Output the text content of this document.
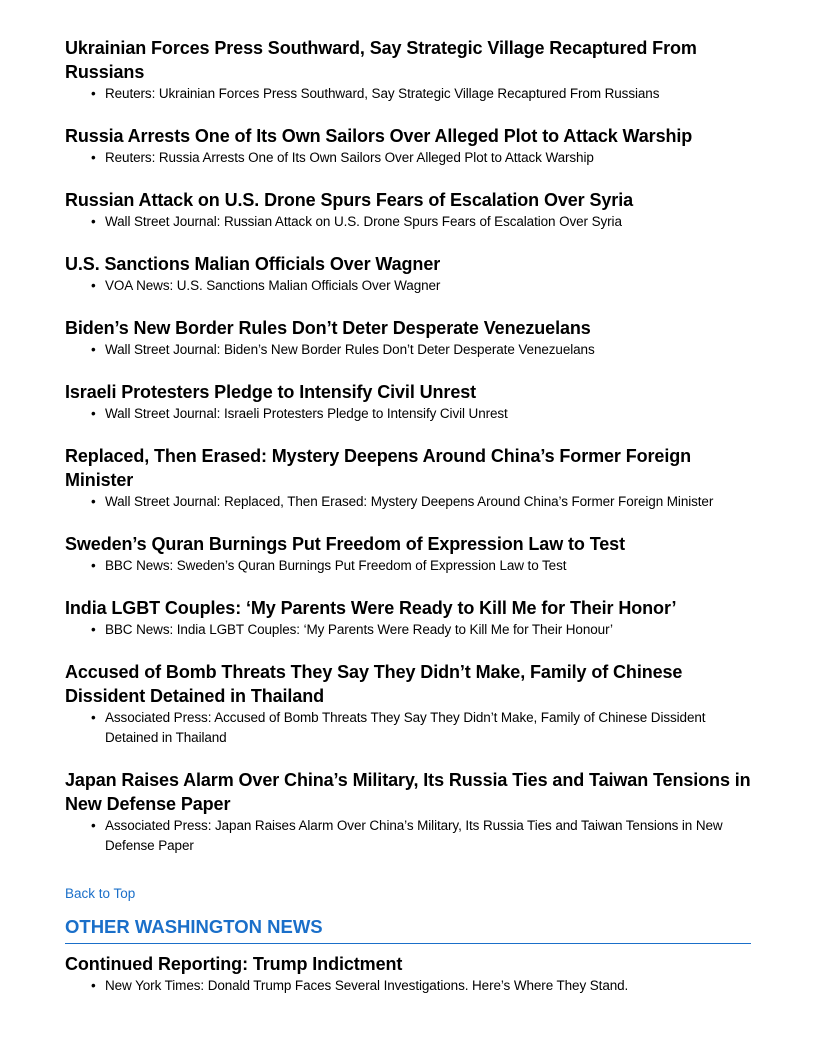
Ukrainian Forces Press Southward, Say Strategic Village Recaptured From Russians
• Reuters: Ukrainian Forces Press Southward, Say Strategic Village Recaptured From Russians
Russia Arrests One of Its Own Sailors Over Alleged Plot to Attack Warship
• Reuters: Russia Arrests One of Its Own Sailors Over Alleged Plot to Attack Warship
Russian Attack on U.S. Drone Spurs Fears of Escalation Over Syria
• Wall Street Journal: Russian Attack on U.S. Drone Spurs Fears of Escalation Over Syria
U.S. Sanctions Malian Officials Over Wagner
• VOA News: U.S. Sanctions Malian Officials Over Wagner
Biden’s New Border Rules Don’t Deter Desperate Venezuelans
• Wall Street Journal: Biden’s New Border Rules Don’t Deter Desperate Venezuelans
Israeli Protesters Pledge to Intensify Civil Unrest
• Wall Street Journal: Israeli Protesters Pledge to Intensify Civil Unrest
Replaced, Then Erased: Mystery Deepens Around China’s Former Foreign Minister
• Wall Street Journal: Replaced, Then Erased: Mystery Deepens Around China’s Former Foreign Minister
Sweden’s Quran Burnings Put Freedom of Expression Law to Test
• BBC News: Sweden’s Quran Burnings Put Freedom of Expression Law to Test
India LGBT Couples: ‘My Parents Were Ready to Kill Me for Their Honor’
• BBC News: India LGBT Couples: ‘My Parents Were Ready to Kill Me for Their Honour’
Accused of Bomb Threats They Say They Didn’t Make, Family of Chinese Dissident Detained in Thailand
• Associated Press: Accused of Bomb Threats They Say They Didn’t Make, Family of Chinese Dissident Detained in Thailand
Japan Raises Alarm Over China’s Military, Its Russia Ties and Taiwan Tensions in New Defense Paper
• Associated Press: Japan Raises Alarm Over China’s Military, Its Russia Ties and Taiwan Tensions in New Defense Paper
Back to Top
OTHER WASHINGTON NEWS
Continued Reporting: Trump Indictment
• New York Times: Donald Trump Faces Several Investigations. Here’s Where They Stand.
